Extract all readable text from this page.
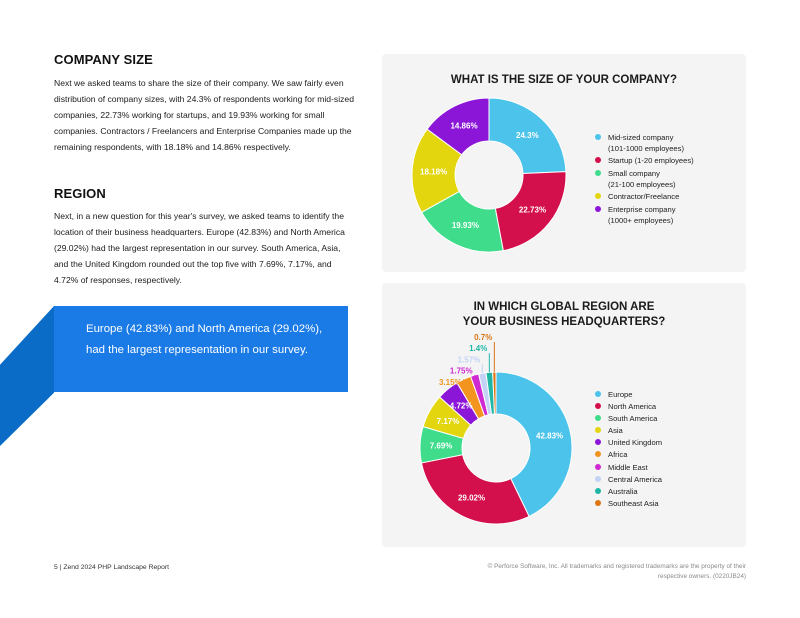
COMPANY SIZE

Next we asked teams to share the size of their company. We saw fairly even distribution of company sizes, with 24.3% of respondents working for mid-sized companies, 22.73% working for startups, and 19.93% working for small companies. Contractors / Freelancers and Enterprise Companies made up the remaining respondents, with 18.18% and 14.86% respectively.

REGION

Next, in a new question for this year's survey, we asked teams to identify the location of their business headquarters. Europe (42.83%) and North America (29.02%) had the largest representation in our survey. South America, Asia, and the United Kingdom rounded out the top five with 7.69%, 7.17%, and 4.72% of responses, respectively.

Europe (42.83%) and North America (29.02%), had the largest representation in our survey.

WHAT IS THE SIZE OF YOUR COMPANY?

24.3%
22.73%
19.93%
18.18%
14.86%
Mid-sized company
(101-1000 employees)
Startup (1-20 employees)
Small company
(21-100 employees)
Contractor/Freelance
Enterprise company
(1000+ employees)

IN WHICH GLOBAL REGION ARE

YOUR BUSINESS HEADQUARTERS?

42.83%
29.02%
7.69%
7.17%
4.72%
3.15%
1.75%
1.57%
1.4%
0.7%
Europe
North America
South America
Asia
United Kingdom
Africa
Middle East
Central America
Australia
Southeast Asia
5 | Zend 2024 PHP Landscape Report	© Perforce Software, Inc. All trademarks and registered trademarks are the property of their respective owners. (0220JB24)
